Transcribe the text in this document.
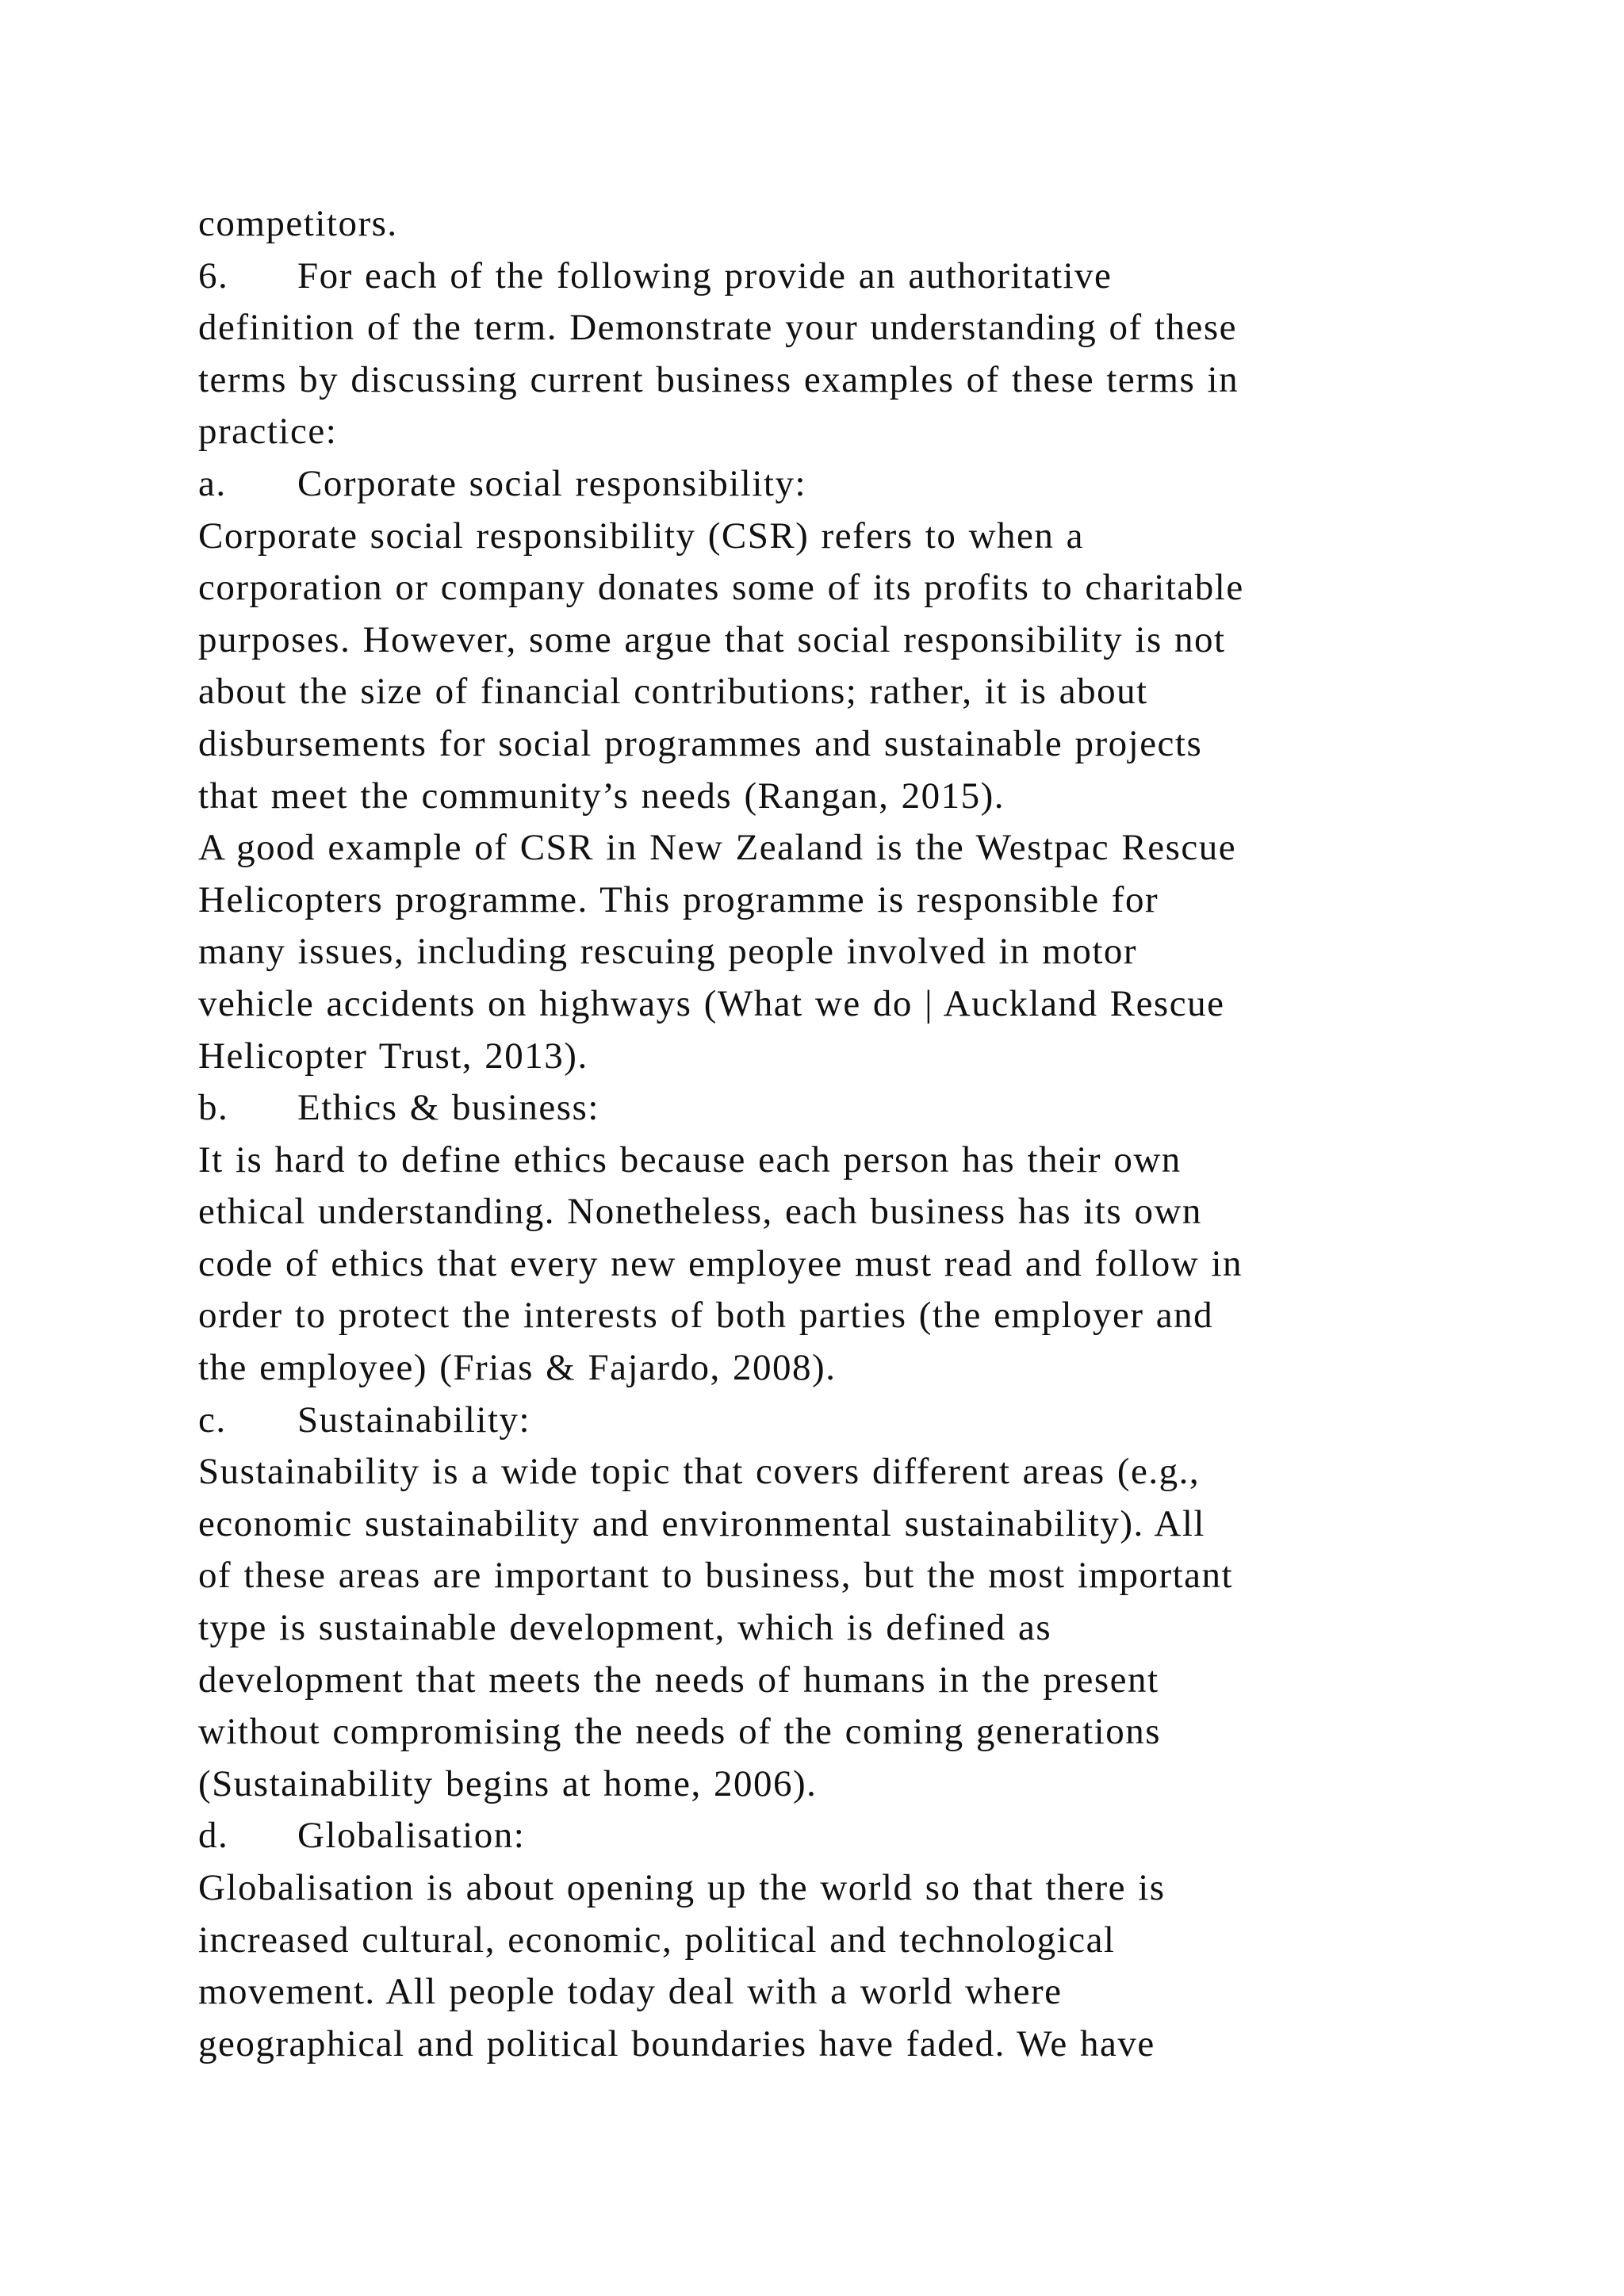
competitors.
6. For each of the following provide an authoritative
definition of the term. Demonstrate your understanding of these
terms by discussing current business examples of these terms in
practice:
a. Corporate social responsibility:
Corporate social responsibility (CSR) refers to when a
corporation or company donates some of its profits to charitable
purposes. However, some argue that social responsibility is not
about the size of financial contributions; rather, it is about
disbursements for social programmes and sustainable projects
that meet the community’s needs (Rangan, 2015).
A good example of CSR in New Zealand is the Westpac Rescue
Helicopters programme. This programme is responsible for
many issues, including rescuing people involved in motor
vehicle accidents on highways (What we do | Auckland Rescue
Helicopter Trust, 2013).
b. Ethics & business:
It is hard to define ethics because each person has their own
ethical understanding. Nonetheless, each business has its own
code of ethics that every new employee must read and follow in
order to protect the interests of both parties (the employer and
the employee) (Frias & Fajardo, 2008).
c. Sustainability:
Sustainability is a wide topic that covers different areas (e.g.,
economic sustainability and environmental sustainability). All
of these areas are important to business, but the most important
type is sustainable development, which is defined as
development that meets the needs of humans in the present
without compromising the needs of the coming generations
(Sustainability begins at home, 2006).
d. Globalisation:
Globalisation is about opening up the world so that there is
increased cultural, economic, political and technological
movement. All people today deal with a world where
geographical and political boundaries have faded. We have
